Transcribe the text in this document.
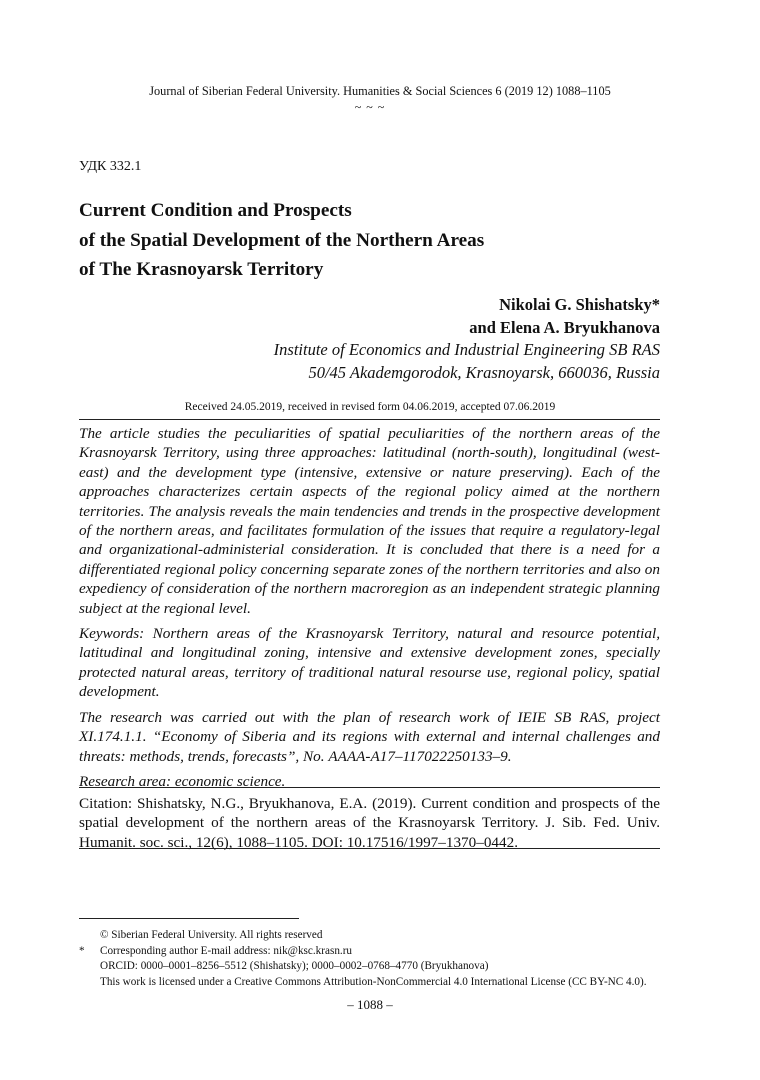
Journal of Siberian Federal University. Humanities & Social Sciences 6 (2019 12) 1088–1105
~ ~ ~
УДК 332.1
Current Condition and Prospects
of the Spatial Development of the Northern Areas
of The Krasnoyarsk Territory
Nikolai G. Shishatsky*
and Elena A. Bryukhanova
Institute of Economics and Industrial Engineering SB RAS
50/45 Akademgorodok, Krasnoyarsk, 660036, Russia
Received 24.05.2019, received in revised form 04.06.2019, accepted 07.06.2019

The article studies the peculiarities of spatial peculiarities of the northern areas of the Krasnoyarsk Territory, using three approaches: latitudinal (north-south), longitudinal (west-east) and the development type (intensive, extensive or nature preserving). Each of the approaches characterizes certain aspects of the regional policy aimed at the northern territories. The analysis reveals the main tendencies and trends in the prospective development of the northern areas, and facilitates formulation of the issues that require a regulatory-legal and organizational-administerial consideration. It is concluded that there is a need for a differentiated regional policy concerning separate zones of the northern territories and also on expediency of consideration of the northern macroregion as an independent strategic planning subject at the regional level.

Keywords: Northern areas of the Krasnoyarsk Territory, natural and resource potential, latitudinal and longitudinal zoning, intensive and extensive development zones, specially protected natural areas, territory of traditional natural resourse use, regional policy, spatial development.

The research was carried out with the plan of research work of IEIE SB RAS, project XI.174.1.1. “Economy of Siberia and its regions with external and internal challenges and threats: methods, trends, forecasts”, No. АААА-А17–117022250133–9.

Research area: economic science.

Citation: Shishatsky, N.G., Bryukhanova, E.A. (2019). Current condition and prospects of the spatial development of the northern areas of the Krasnoyarsk Territory. J. Sib. Fed. Univ. Humanit. soc. sci., 12(6), 1088–1105. DOI: 10.17516/1997–1370–0442.
© Siberian Federal University. All rights reserved
* Corresponding author E-mail address: nik@ksc.krasn.ru
ORCID: 0000–0001–8256–5512 (Shishatsky); 0000–0002–0768–4770 (Bryukhanova)
This work is licensed under a Creative Commons Attribution-NonCommercial 4.0 International License (CC BY-NC 4.0).
– 1088 –
